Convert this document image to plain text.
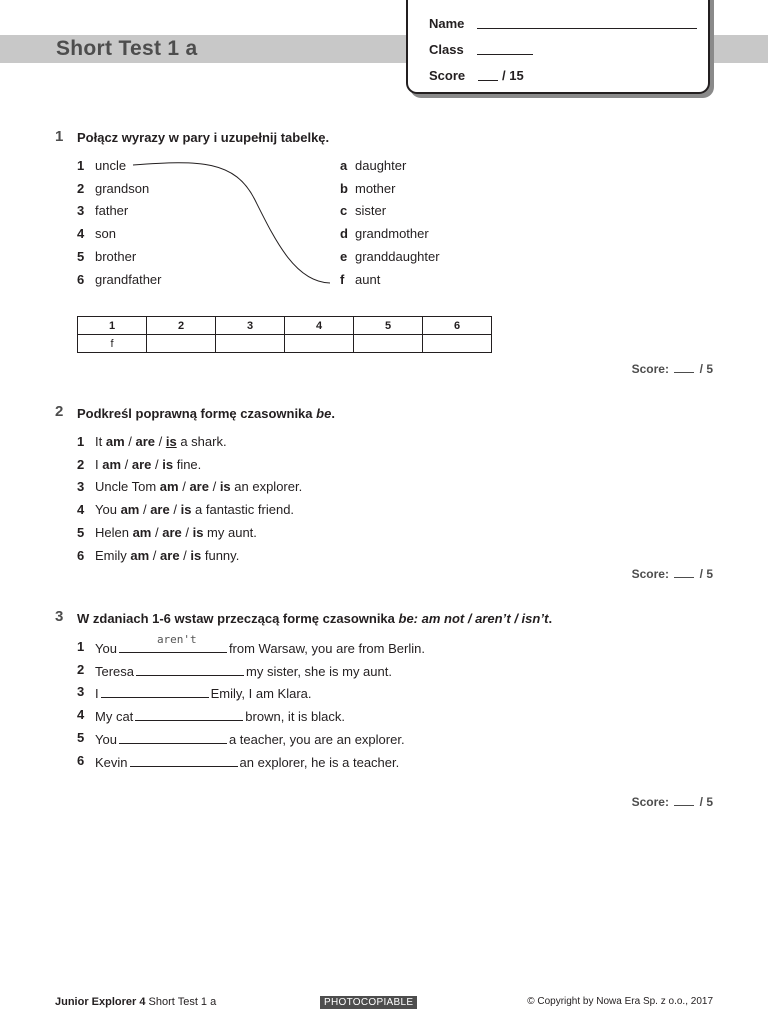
Short Test 1 a
Name
Class
Score	/ 15
1 Połącz wyrazy w pary i uzupełnij tabelkę.
1 uncle
2 grandson
3 father
4 son
5 brother
6 grandfather
a daughter
b mother
c sister
d grandmother
e granddaughter
f aunt
1	2	3	4	5	6
f					
Score:	/ 5
2 Podkreśl poprawną formę czasownika be.
1 It am / are / is a shark.
2 I am / are / is fine.
3 Uncle Tom am / are / is an explorer.
4 You am / are / is a fantastic friend.
5 Helen am / are / is my aunt.
6 Emily am / are / is funny.
Score:	/ 5
3 W zdaniach 1-6 wstaw przeczącą formę czasownika be: am not / aren’t / isn’t.
1 You
aren't
from Warsaw, you are from Berlin.
2 Teresa	my sister, she is my aunt.
3 I	Emily, I am Klara.
4 My cat	brown, it is black.
5 You	a teacher, you are an explorer.
6 Kevin	an explorer, he is a teacher.
Score:	/ 5
Junior Explorer 4 Short Test 1 a	PHOTOCOPIABLE	© Copyright by Nowa Era Sp. z o.o., 2017
